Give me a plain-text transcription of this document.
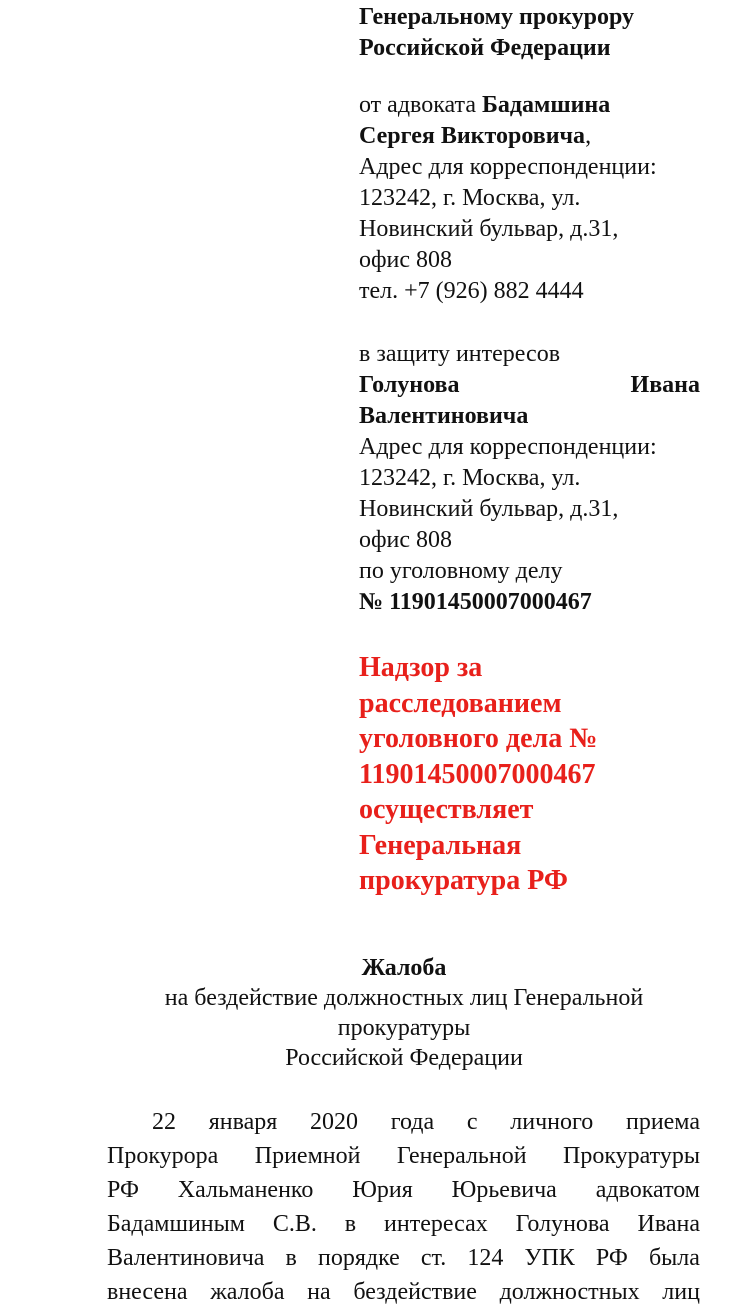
Генеральному прокурору
Российской Федерации
от адвоката Бадамшина
Сергея Викторовича,
Адрес для корреспонденции:
123242, г. Москва, ул.
Новинский бульвар, д.31,
офис 808
тел. +7 (926) 882 4444
в защиту интересов
Голунова	Ивана
Валентиновича
Адрес для корреспонденции:
123242, г. Москва, ул.
Новинский бульвар, д.31,
офис 808
по уголовному делу
№ 11901450007000467
Надзор за
расследованием
уголовного дела №
11901450007000467
осуществляет
Генеральная
прокуратура РФ
Жалоба
на бездействие должностных лиц Генеральной
прокуратуры
Российской Федерации
22 января 2020 года с личного приема
Прокурора Приемной Генеральной Прокуратуры
РФ Хальманенко Юрия Юрьевича адвокатом
Бадамшиным С.В. в интересах Голунова Ивана
Валентиновича в порядке ст. 124 УПК РФ была
внесена жалоба на бездействие должностных лиц
